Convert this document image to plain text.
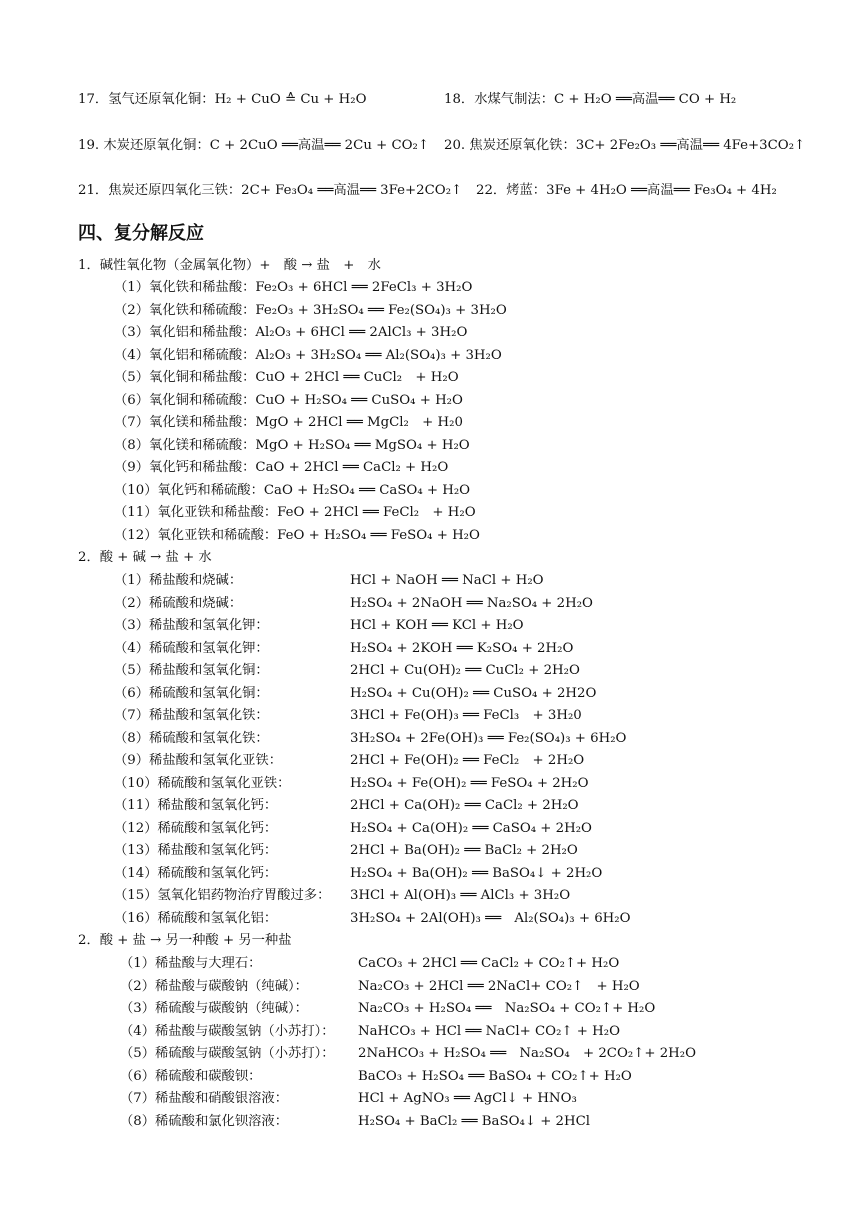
17．氢气还原氧化铜：H₂ + CuO ≙ Cu + H₂O	18．水煤气制法：C + H₂O ══高温══ CO + H₂
19. 木炭还原氧化铜：C + 2CuO ══高温══ 2Cu + CO₂↑ 20. 焦炭还原氧化铁：3C+ 2Fe₂O₃ ══高温══ 4Fe+3CO₂↑
21．焦炭还原四氧化三铁：2C+ Fe₃O₄ ══高温══ 3Fe+2CO₂↑ 22．烤蓝：3Fe + 4H₂O ══高温══ Fe₃O₄ + 4H₂
四、复分解反应
1．碱性氧化物（金属氧化物）+　酸 → 盐　+　水
（1）氧化铁和稀盐酸：Fe₂O₃ + 6HCl ══ 2FeCl₃ + 3H₂O
（2）氧化铁和稀硫酸：Fe₂O₃ + 3H₂SO₄ ══ Fe₂(SO₄)₃ + 3H₂O
（3）氧化铝和稀盐酸：Al₂O₃ + 6HCl ══ 2AlCl₃ + 3H₂O
（4）氧化铝和稀硫酸：Al₂O₃ + 3H₂SO₄ ══ Al₂(SO₄)₃ + 3H₂O
（5）氧化铜和稀盐酸：CuO + 2HCl ══ CuCl₂　+ H₂O
（6）氧化铜和稀硫酸：CuO + H₂SO₄ ══ CuSO₄ + H₂O
（7）氧化镁和稀盐酸：MgO + 2HCl ══ MgCl₂　+ H₂0
（8）氧化镁和稀硫酸：MgO + H₂SO₄ ══ MgSO₄ + H₂O
（9）氧化钙和稀盐酸：CaO + 2HCl ══ CaCl₂ + H₂O
（10）氧化钙和稀硫酸：CaO + H₂SO₄ ══ CaSO₄ + H₂O
（11）氧化亚铁和稀盐酸：FeO + 2HCl ══ FeCl₂　+ H₂O
（12）氧化亚铁和稀硫酸：FeO + H₂SO₄ ══ FeSO₄ + H₂O
2．酸 + 碱 → 盐 + 水
（1）稀盐酸和烧碱：	HCl + NaOH ══ NaCl + H₂O
（2）稀硫酸和烧碱：	H₂SO₄ + 2NaOH ══ Na₂SO₄ + 2H₂O
（3）稀盐酸和氢氧化钾：	HCl + KOH ══ KCl + H₂O
（4）稀硫酸和氢氧化钾：	H₂SO₄ + 2KOH ══ K₂SO₄ + 2H₂O
（5）稀盐酸和氢氧化铜：	2HCl + Cu(OH)₂ ══ CuCl₂ + 2H₂O
（6）稀硫酸和氢氧化铜：	H₂SO₄ + Cu(OH)₂ ══ CuSO₄ + 2H2O
（7）稀盐酸和氢氧化铁：	3HCl + Fe(OH)₃ ══ FeCl₃　+ 3H₂0
（8）稀硫酸和氢氧化铁：	3H₂SO₄ + 2Fe(OH)₃ ══ Fe₂(SO₄)₃ + 6H₂O
（9）稀盐酸和氢氧化亚铁：	2HCl + Fe(OH)₂ ══ FeCl₂　+ 2H₂O
（10）稀硫酸和氢氧化亚铁：	H₂SO₄ + Fe(OH)₂ ══ FeSO₄ + 2H₂O
（11）稀盐酸和氢氧化钙：	2HCl + Ca(OH)₂ ══ CaCl₂ + 2H₂O
（12）稀硫酸和氢氧化钙：	H₂SO₄ + Ca(OH)₂ ══ CaSO₄ + 2H₂O
（13）稀盐酸和氢氧化钙：	2HCl + Ba(OH)₂ ══ BaCl₂ + 2H₂O
（14）稀硫酸和氢氧化钙：	H₂SO₄ + Ba(OH)₂ ══ BaSO₄↓ + 2H₂O
（15）氢氧化铝药物治疗胃酸过多： 3HCl + Al(OH)₃ ══ AlCl₃ + 3H₂O
（16）稀硫酸和氢氧化铝：	3H₂SO₄ + 2Al(OH)₃ ══　Al₂(SO₄)₃ + 6H₂O
2．酸 + 盐 → 另一种酸 + 另一种盐
（1）稀盐酸与大理石：	CaCO₃ + 2HCl ══ CaCl₂ + CO₂↑+ H₂O
（2）稀盐酸与碳酸钠（纯碱）：	Na₂CO₃ + 2HCl ══ 2NaCl+ CO₂↑　+ H₂O
（3）稀硫酸与碳酸钠（纯碱）：	Na₂CO₃ + H₂SO₄ ══　Na₂SO₄ + CO₂↑+ H₂O
（4）稀盐酸与碳酸氢钠（小苏打）： NaHCO₃ + HCl ══ NaCl+ CO₂↑ + H₂O
（5）稀硫酸与碳酸氢钠（小苏打）： 2NaHCO₃ + H₂SO₄ ══　Na₂SO₄　+ 2CO₂↑+ 2H₂O
（6）稀硫酸和碳酸钡：	BaCO₃ + H₂SO₄ ══ BaSO₄ + CO₂↑+ H₂O
（7）稀盐酸和硝酸银溶液：	HCl + AgNO₃ ══ AgCl↓ + HNO₃
（8）稀硫酸和氯化钡溶液：	H₂SO₄ + BaCl₂ ══ BaSO₄↓ + 2HCl
